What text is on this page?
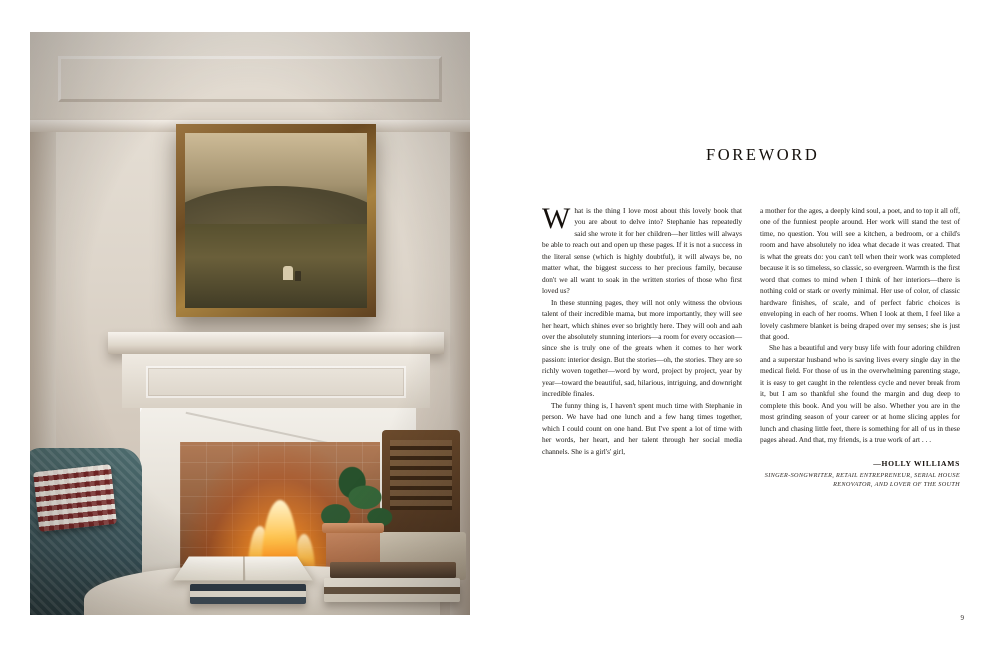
FOREWORD

What is the thing I love most about this lovely book that you are about to delve into? Stephanie has repeatedly said she wrote it for her children—her littles will always be able to reach out and open up these pages. If it is not a success in the literal sense (which is highly doubtful), it will always be, no matter what, the biggest success to her precious family, because don't we all want to soak in the written stories of those who first loved us?

In these stunning pages, they will not only witness the obvious talent of their incredible mama, but more importantly, they will see her heart, which shines ever so brightly here. They will ooh and aah over the absolutely stunning interiors—a room for every occasion—since she is truly one of the greats when it comes to her work passion: interior design. But the stories—oh, the stories. They are so richly woven together—word by word, project by project, year by year—toward the beautiful, sad, hilarious, intriguing, and downright incredible finales.

The funny thing is, I haven't spent much time with Stephanie in person. We have had one lunch and a few hang times together, which I could count on one hand. But I've spent a lot of time with her words, her heart, and her talent through her social media channels. She is a girl's' girl,

a mother for the ages, a deeply kind soul, a poet, and to top it all off, one of the funniest people around. Her work will stand the test of time, no question. You will see a kitchen, a bedroom, or a child's room and have absolutely no idea what decade it was created. That is what the greats do: you can't tell when their work was completed because it is so timeless, so classic, so evergreen. Warmth is the first word that comes to mind when I think of her interiors—there is nothing cold or stark or overly minimal. Her use of color, of classic hardware finishes, of scale, and of perfect fabric choices is enveloping in each of her rooms. When I look at them, I feel like a lovely cashmere blanket is being draped over my senses; she is just that good.

She has a beautiful and very busy life with four adoring children and a superstar husband who is saving lives every single day in the medical field. For those of us in the overwhelming parenting stage, it is easy to get caught in the relentless cycle and never break from it, but I am so thankful she found the margin and dug deep to complete this book. And you will be also. Whether you are in the most grinding season of your career or at home slicing apples for lunch and chasing little feet, there is something for all of us in these pages ahead. And that, my friends, is a true work of art . . .

—HOLLY WILLIAMS
SINGER-SONGWRITER, RETAIL ENTREPRENEUR, SERIAL HOUSE RENOVATOR, AND LOVER OF THE SOUTH
9
